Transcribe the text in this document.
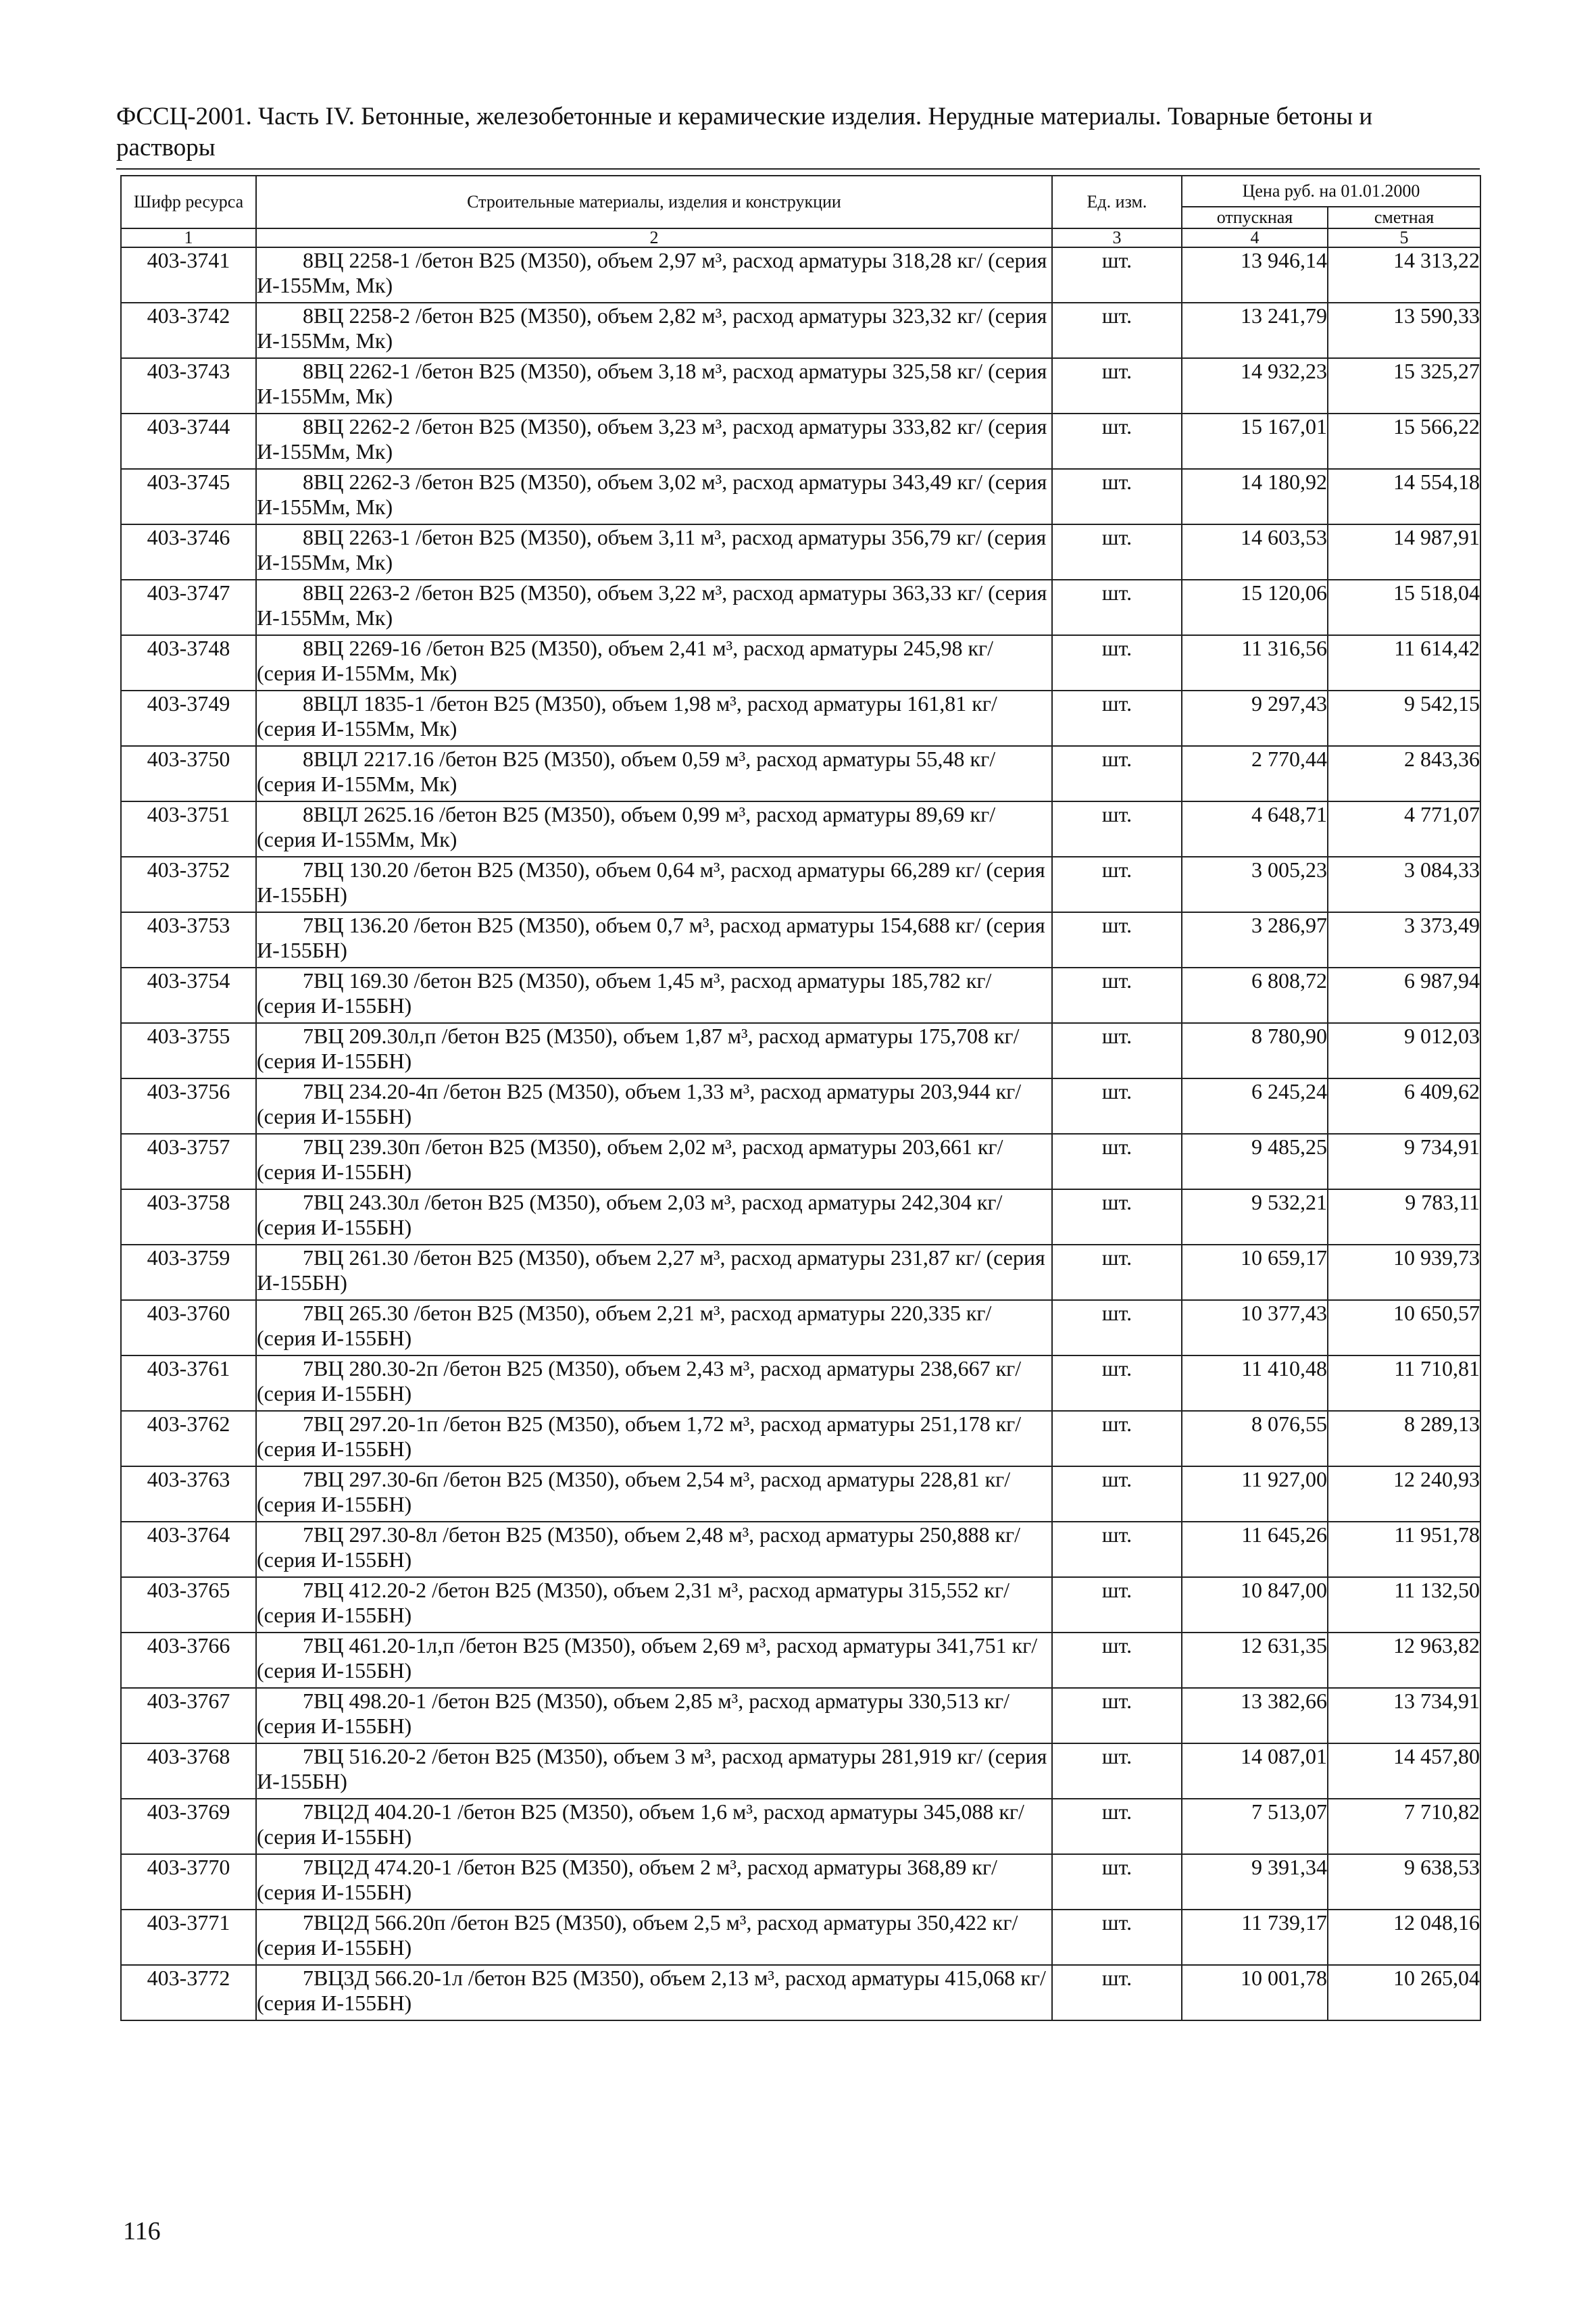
ФССЦ-2001. Часть IV. Бетонные, железобетонные и керамические изделия. Нерудные материалы. Товарные бетоны и растворы
Шифр ресурса	Строительные материалы, изделия и конструкции	Ед. изм.	Цена руб. на 01.01.2000	
			отпускная	сметная
1	2	3	4	5
403-3741	8ВЦ 2258-1 /бетон В25 (М350), объем 2,97 м³, расход арматуры 318,28 кг/ (серия И-155Мм, Мк)	шт.	13 946,14	14 313,22
403-3742	8ВЦ 2258-2 /бетон В25 (М350), объем 2,82 м³, расход арматуры 323,32 кг/ (серия И-155Мм, Мк)	шт.	13 241,79	13 590,33
403-3743	8ВЦ 2262-1 /бетон В25 (М350), объем 3,18 м³, расход арматуры 325,58 кг/ (серия И-155Мм, Мк)	шт.	14 932,23	15 325,27
403-3744	8ВЦ 2262-2 /бетон В25 (М350), объем 3,23 м³, расход арматуры 333,82 кг/ (серия И-155Мм, Мк)	шт.	15 167,01	15 566,22
403-3745	8ВЦ 2262-3 /бетон В25 (М350), объем 3,02 м³, расход арматуры 343,49 кг/ (серия И-155Мм, Мк)	шт.	14 180,92	14 554,18
403-3746	8ВЦ 2263-1 /бетон В25 (М350), объем 3,11 м³, расход арматуры 356,79 кг/ (серия И-155Мм, Мк)	шт.	14 603,53	14 987,91
403-3747	8ВЦ 2263-2 /бетон В25 (М350), объем 3,22 м³, расход арматуры 363,33 кг/ (серия И-155Мм, Мк)	шт.	15 120,06	15 518,04
403-3748	8ВЦ 2269-16 /бетон В25 (М350), объем 2,41 м³, расход арматуры 245,98 кг/ (серия И-155Мм, Мк)	шт.	11 316,56	11 614,42
403-3749	8ВЦЛ 1835-1 /бетон В25 (М350), объем 1,98 м³, расход арматуры 161,81 кг/ (серия И-155Мм, Мк)	шт.	9 297,43	9 542,15
403-3750	8ВЦЛ 2217.16 /бетон В25 (М350), объем 0,59 м³, расход арматуры 55,48 кг/ (серия И-155Мм, Мк)	шт.	2 770,44	2 843,36
403-3751	8ВЦЛ 2625.16 /бетон В25 (М350), объем 0,99 м³, расход арматуры 89,69 кг/ (серия И-155Мм, Мк)	шт.	4 648,71	4 771,07
403-3752	7ВЦ 130.20 /бетон В25 (М350), объем 0,64 м³, расход арматуры 66,289 кг/ (серия И-155БН)	шт.	3 005,23	3 084,33
403-3753	7ВЦ 136.20 /бетон В25 (М350), объем 0,7 м³, расход арматуры 154,688 кг/ (серия И-155БН)	шт.	3 286,97	3 373,49
403-3754	7ВЦ 169.30 /бетон В25 (М350), объем 1,45 м³, расход арматуры 185,782 кг/ (серия И-155БН)	шт.	6 808,72	6 987,94
403-3755	7ВЦ 209.30л,п /бетон В25 (М350), объем 1,87 м³, расход арматуры 175,708 кг/ (серия И-155БН)	шт.	8 780,90	9 012,03
403-3756	7ВЦ 234.20-4п /бетон В25 (М350), объем 1,33 м³, расход арматуры 203,944 кг/ (серия И-155БН)	шт.	6 245,24	6 409,62
403-3757	7ВЦ 239.30п /бетон В25 (М350), объем 2,02 м³, расход арматуры 203,661 кг/ (серия И-155БН)	шт.	9 485,25	9 734,91
403-3758	7ВЦ 243.30л /бетон В25 (М350), объем 2,03 м³, расход арматуры 242,304 кг/ (серия И-155БН)	шт.	9 532,21	9 783,11
403-3759	7ВЦ 261.30 /бетон В25 (М350), объем 2,27 м³, расход арматуры 231,87 кг/ (серия И-155БН)	шт.	10 659,17	10 939,73
403-3760	7ВЦ 265.30 /бетон В25 (М350), объем 2,21 м³, расход арматуры 220,335 кг/ (серия И-155БН)	шт.	10 377,43	10 650,57
403-3761	7ВЦ 280.30-2п /бетон В25 (М350), объем 2,43 м³, расход арматуры 238,667 кг/ (серия И-155БН)	шт.	11 410,48	11 710,81
403-3762	7ВЦ 297.20-1п /бетон В25 (М350), объем 1,72 м³, расход арматуры 251,178 кг/ (серия И-155БН)	шт.	8 076,55	8 289,13
403-3763	7ВЦ 297.30-6п /бетон В25 (М350), объем 2,54 м³, расход арматуры 228,81 кг/ (серия И-155БН)	шт.	11 927,00	12 240,93
403-3764	7ВЦ 297.30-8л /бетон В25 (М350), объем 2,48 м³, расход арматуры 250,888 кг/ (серия И-155БН)	шт.	11 645,26	11 951,78
403-3765	7ВЦ 412.20-2 /бетон В25 (М350), объем 2,31 м³, расход арматуры 315,552 кг/ (серия И-155БН)	шт.	10 847,00	11 132,50
403-3766	7ВЦ 461.20-1л,п /бетон В25 (М350), объем 2,69 м³, расход арматуры 341,751 кг/ (серия И-155БН)	шт.	12 631,35	12 963,82
403-3767	7ВЦ 498.20-1 /бетон В25 (М350), объем 2,85 м³, расход арматуры 330,513 кг/ (серия И-155БН)	шт.	13 382,66	13 734,91
403-3768	7ВЦ 516.20-2 /бетон В25 (М350), объем 3 м³, расход арматуры 281,919 кг/ (серия И-155БН)	шт.	14 087,01	14 457,80
403-3769	7ВЦ2Д 404.20-1 /бетон В25 (М350), объем 1,6 м³, расход арматуры 345,088 кг/ (серия И-155БН)	шт.	7 513,07	7 710,82
403-3770	7ВЦ2Д 474.20-1 /бетон В25 (М350), объем 2 м³, расход арматуры 368,89 кг/ (серия И-155БН)	шт.	9 391,34	9 638,53
403-3771	7ВЦ2Д 566.20п /бетон В25 (М350), объем 2,5 м³, расход арматуры 350,422 кг/ (серия И-155БН)	шт.	11 739,17	12 048,16
403-3772	7ВЦ3Д 566.20-1л /бетон В25 (М350), объем 2,13 м³, расход арматуры 415,068 кг/ (серия И-155БН)	шт.	10 001,78	10 265,04
116
